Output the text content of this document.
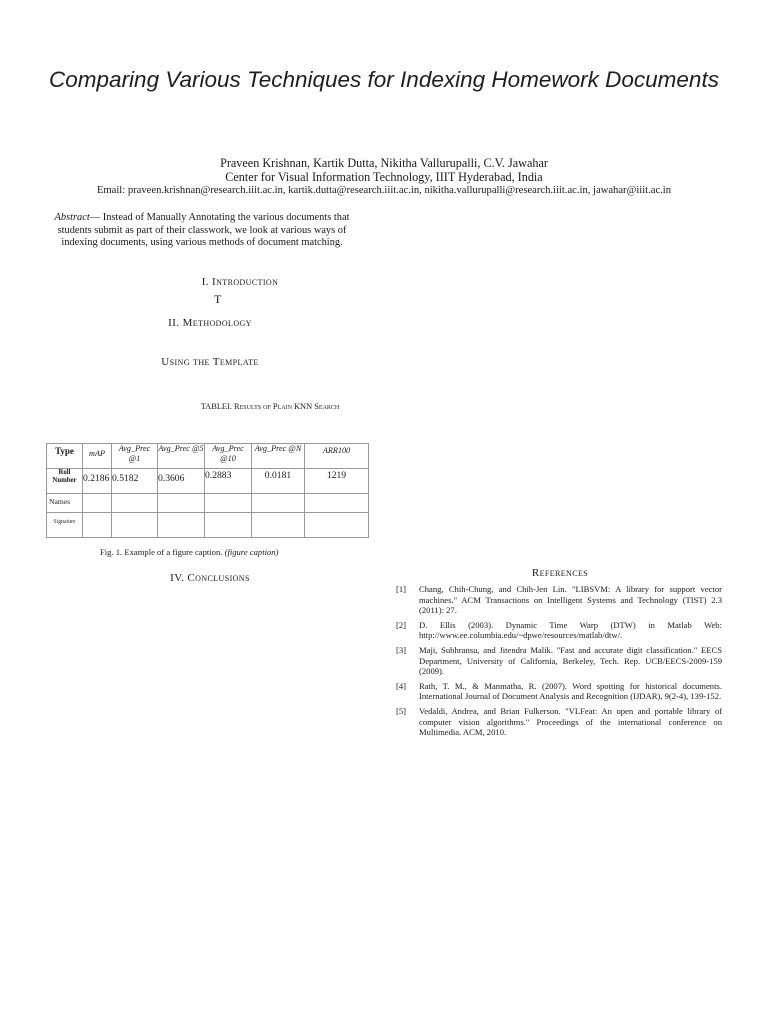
Comparing Various Techniques for Indexing Homework Documents
Praveen Krishnan, Kartik Dutta, Nikitha Vallurupalli, C.V. Jawahar
Center for Visual Information Technology, IIIT Hyderabad, India
Email: praveen.krishnan@research.iiit.ac.in, kartik.dutta@research.iiit.ac.in, nikitha.vallurupalli@research.iiit.ac.in, jawahar@iiit.ac.in
Abstract— Instead of Manually Annotating the various documents that students submit as part of their classwork, we look at various ways of indexing documents, using various methods of document matching.
I. Introduction
T
II. Methodology
Using the Template
TABLEI. Results of Plain KNN Search
Type	mAP	Avg_Prec @1	Avg_Prec @5	Avg_Prec @10	Avg_Prec @N	ARR100
Roll Number	0.2186	0.5182	0.3606	0.2883	0.0181	1219
Names						
Signature						
Fig. 1. Example of a figure caption. (figure caption)
IV. Conclusions	References
[1]	Chang, Chih-Chung, and Chih-Jen Lin. "LIBSVM: A library for support vector machines." ACM Transactions on Intelligent Systems and Technology (TIST) 2.3 (2011): 27.
[2]	D. Ellis (2003). Dynamic Time Warp (DTW) in Matlab Web: http://www.ee.columbia.edu/~dpwe/resources/matlab/dtw/.
[3]	Maji, Subhransu, and Jitendra Malik. "Fast and accurate digit classification." EECS Department, University of California, Berkeley, Tech. Rep. UCB/EECS-2009-159 (2009).
[4]	Rath, T. M., & Manmatha, R. (2007). Word spotting for historical documents. International Journal of Document Analysis and Recognition (IJDAR), 9(2-4), 139-152.
[5]	Vedaldi, Andrea, and Brian Fulkerson. "VLFeat: An open and portable library of computer vision algorithms." Proceedings of the international conference on Multimedia. ACM, 2010.
